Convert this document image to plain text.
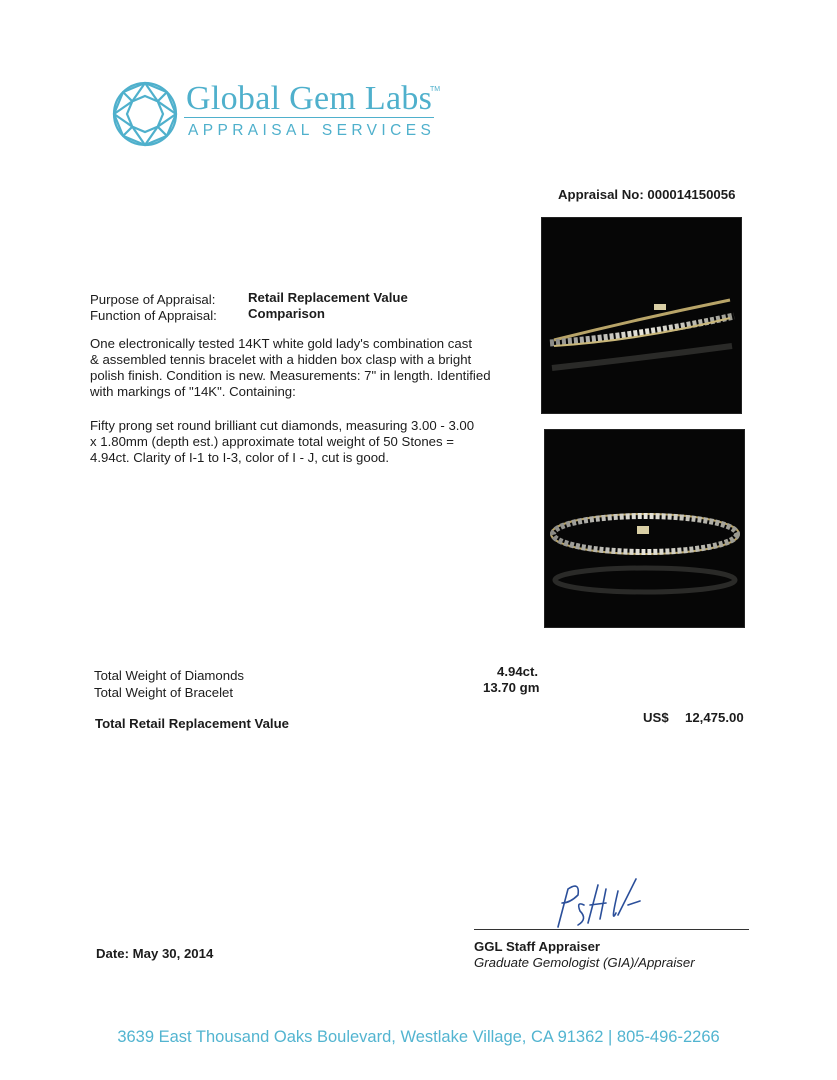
Global Gem Labs
TM
APPRAISAL SERVICES
Appraisal No: 000014150056
Purpose of Appraisal: Retail Replacement Value
Function of Appraisal: Comparison
One electronically tested 14KT white gold lady's combination cast
& assembled tennis bracelet with a hidden box clasp with a bright
polish finish. Condition is new. Measurements: 7" in length. Identified
with markings of "14K". Containing:
Fifty prong set round brilliant cut diamonds, measuring 3.00 - 3.00
x 1.80mm (depth est.) approximate total weight of 50 Stones =
4.94ct. Clarity of I-1 to I-3, color of I - J, cut is good.
Total Weight of Diamonds	4.94ct.
Total Weight of Bracelet	13.70 gm
Total Retail Replacement Value	US$ 12,475.00
Date: May 30, 2014	GGL Staff Appraiser
Graduate Gemologist (GIA)/Appraiser
3639 East Thousand Oaks Boulevard, Westlake Village, CA 91362 | 805-496-2266
